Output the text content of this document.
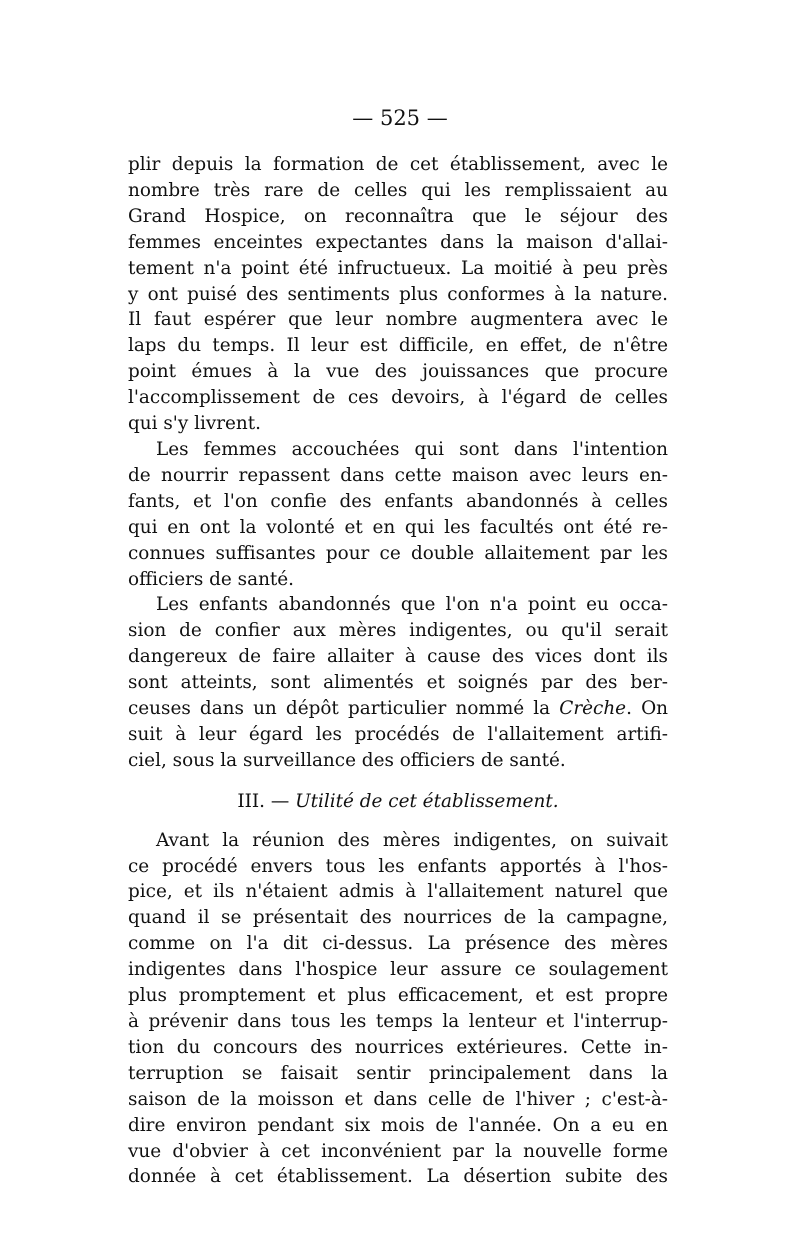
— 525 —
plir depuis la formation de cet établissement, avec le
nombre très rare de celles qui les remplissaient au
Grand Hospice, on reconnaîtra que le séjour des
femmes enceintes expectantes dans la maison d'allai-
tement n'a point été infructueux. La moitié à peu près
y ont puisé des sentiments plus conformes à la nature.
Il faut espérer que leur nombre augmentera avec le
laps du temps. Il leur est difficile, en effet, de n'être
point émues à la vue des jouissances que procure
l'accomplissement de ces devoirs, à l'égard de celles
qui s'y livrent.
Les femmes accouchées qui sont dans l'intention
de nourrir repassent dans cette maison avec leurs en-
fants, et l'on confie des enfants abandonnés à celles
qui en ont la volonté et en qui les facultés ont été re-
connues suffisantes pour ce double allaitement par les
officiers de santé.
Les enfants abandonnés que l'on n'a point eu occa-
sion de confier aux mères indigentes, ou qu'il serait
dangereux de faire allaiter à cause des vices dont ils
sont atteints, sont alimentés et soignés par des ber-
ceuses dans un dépôt particulier nommé la Crèche. On
suit à leur égard les procédés de l'allaitement artifi-
ciel, sous la surveillance des officiers de santé.
III. — Utilité de cet établissement.
Avant la réunion des mères indigentes, on suivait
ce procédé envers tous les enfants apportés à l'hos-
pice, et ils n'étaient admis à l'allaitement naturel que
quand il se présentait des nourrices de la campagne,
comme on l'a dit ci-dessus. La présence des mères
indigentes dans l'hospice leur assure ce soulagement
plus promptement et plus efficacement, et est propre
à prévenir dans tous les temps la lenteur et l'interrup-
tion du concours des nourrices extérieures. Cette in-
terruption se faisait sentir principalement dans la
saison de la moisson et dans celle de l'hiver ; c'est-à-
dire environ pendant six mois de l'année. On a eu en
vue d'obvier à cet inconvénient par la nouvelle forme
donnée à cet établissement. La désertion subite des
